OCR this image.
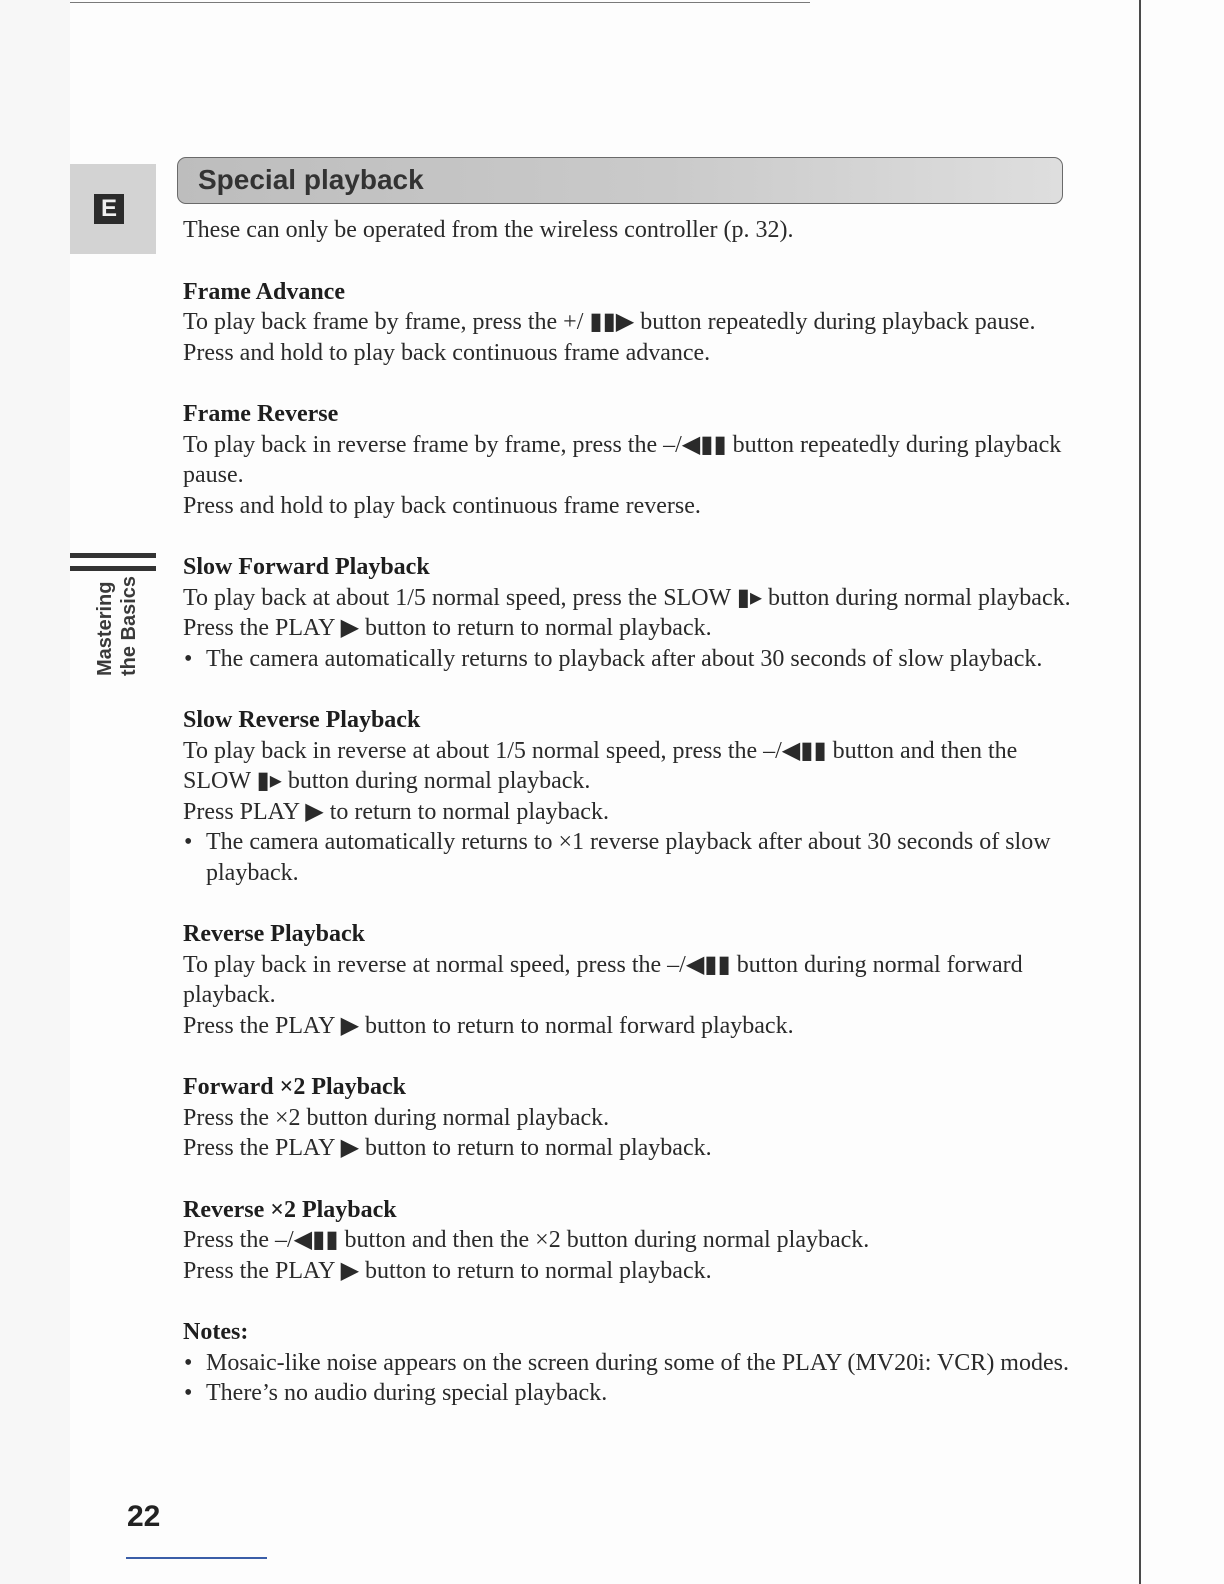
E
Mastering the Basics
Special playback

These can only be operated from the wireless controller (p. 32).

Frame Advance

To play back frame by frame, press the +/ ▮▮▶ button repeatedly during playback pause.

Press and hold to play back continuous frame advance.

Frame Reverse

To play back in reverse frame by frame, press the –/◀▮▮ button repeatedly during playback pause.

Press and hold to play back continuous frame reverse.

Slow Forward Playback

To play back at about 1/5 normal speed, press the SLOW ▮▸ button during normal playback.

Press the PLAY ▶ button to return to normal playback.

• The camera automatically returns to playback after about 30 seconds of slow playback.

Slow Reverse Playback

To play back in reverse at about 1/5 normal speed, press the –/◀▮▮ button and then the SLOW ▮▸ button during normal playback.

Press PLAY ▶ to return to normal playback.

• The camera automatically returns to ×1 reverse playback after about 30 seconds of slow playback.

Reverse Playback

To play back in reverse at normal speed, press the –/◀▮▮ button during normal forward playback.

Press the PLAY ▶ button to return to normal forward playback.

Forward ×2 Playback

Press the ×2 button during normal playback.

Press the PLAY ▶ button to return to normal playback.

Reverse ×2 Playback

Press the –/◀▮▮ button and then the ×2 button during normal playback.

Press the PLAY ▶ button to return to normal playback.

Notes:

• Mosaic-like noise appears on the screen during some of the PLAY (MV20i: VCR) modes.

• There’s no audio during special playback.

22
